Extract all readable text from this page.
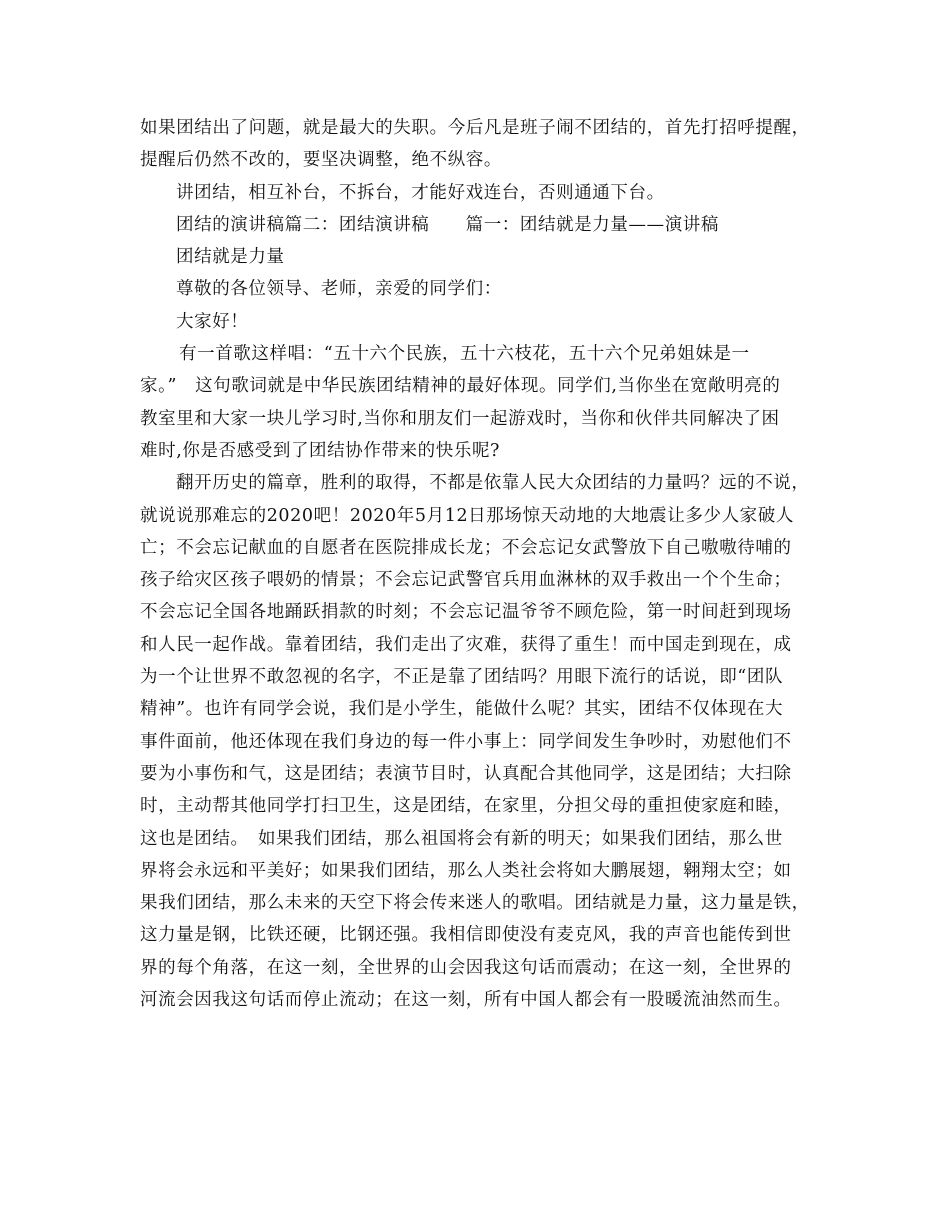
如果团结出了问题，就是最大的失职。今后凡是班子闹不团结的，首先打招呼提醒，
提醒后仍然不改的，要坚决调整，绝不纵容。
讲团结，相互补台，不拆台，才能好戏连台，否则通通下台。
团结的演讲稿篇二：团结演讲稿　　篇一：团结就是力量——演讲稿
团结就是力量
尊敬的各位领导、老师，亲爱的同学们：
大家好！
有一首歌这样唱：“五十六个民族，五十六枝花，五十六个兄弟姐妹是一
家。”　这句歌词就是中华民族团结精神的最好体现。同学们,当你坐在宽敞明亮的
教室里和大家一块儿学习时,当你和朋友们一起游戏时，当你和伙伴共同解决了困
难时,你是否感受到了团结协作带来的快乐呢?
翻开历史的篇章，胜利的取得，不都是依靠人民大众团结的力量吗？远的不说，
就说说那难忘的2020吧！2020年5月12日那场惊天动地的大地震让多少人家破人
亡；不会忘记献血的自愿者在医院排成长龙；不会忘记女武警放下自己嗷嗷待哺的
孩子给灾区孩子喂奶的情景；不会忘记武警官兵用血淋林的双手救出一个个生命；
不会忘记全国各地踊跃捐款的时刻；不会忘记温爷爷不顾危险，第一时间赶到现场
和人民一起作战。靠着团结，我们走出了灾难，获得了重生！而中国走到现在，成
为一个让世界不敢忽视的名字，不正是靠了团结吗？用眼下流行的话说，即“团队
精神”。也许有同学会说，我们是小学生，能做什么呢？其实，团结不仅体现在大
事件面前，他还体现在我们身边的每一件小事上：同学间发生争吵时，劝慰他们不
要为小事伤和气，这是团结；表演节目时，认真配合其他同学，这是团结；大扫除
时，主动帮其他同学打扫卫生，这是团结，在家里，分担父母的重担使家庭和睦，
这也是团结。　如果我们团结，那么祖国将会有新的明天；如果我们团结，那么世
界将会永远和平美好；如果我们团结，那么人类社会将如大鹏展翅，翱翔太空；如
果我们团结，那么未来的天空下将会传来迷人的歌唱。团结就是力量，这力量是铁，
这力量是钢，比铁还硬，比钢还强。我相信即使没有麦克风，我的声音也能传到世
界的每个角落，在这一刻，全世界的山会因我这句话而震动；在这一刻，全世界的
河流会因我这句话而停止流动；在这一刻，所有中国人都会有一股暖流油然而生。
